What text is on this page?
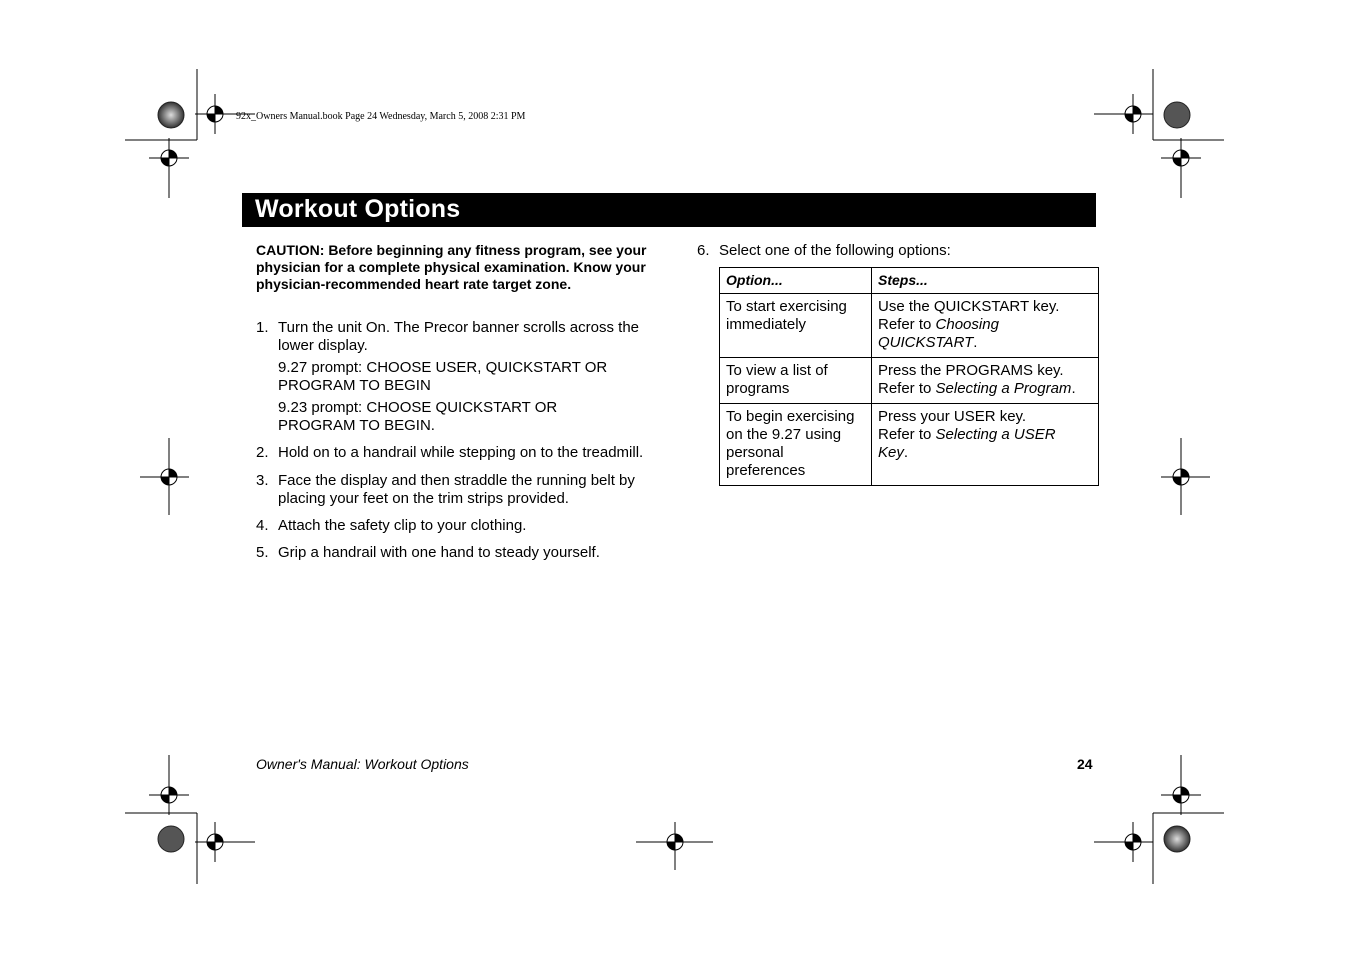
92x_Owners Manual.book Page 24 Wednesday, March 5, 2008 2:31 PM
Workout Options
CAUTION: Before beginning any fitness program, see your physician for a complete physical examination. Know your physician-recommended heart rate target zone.
1. Turn the unit On. The Precor banner scrolls across the
lower display.
9.27 prompt: CHOOSE USER, QUICKSTART OR
PROGRAM TO BEGIN
9.23 prompt: CHOOSE QUICKSTART OR
PROGRAM TO BEGIN.
2. Hold on to a handrail while stepping on to the treadmill.
3. Face the display and then straddle the running belt by
placing your feet on the trim strips provided.
4. Attach the safety clip to your clothing.
5. Grip a handrail with one hand to steady yourself.
6. Select one of the following options:
Option...	Steps...
To start exercising
immediately	Use the QUICKSTART key.
Refer to Choosing
QUICKSTART.
To view a list of
programs	Press the PROGRAMS key.
Refer to Selecting a Program.
To begin exercising
on the 9.27 using
personal
preferences	Press your USER key.
Refer to Selecting a USER
Key.
Owner's Manual: Workout Options	24
